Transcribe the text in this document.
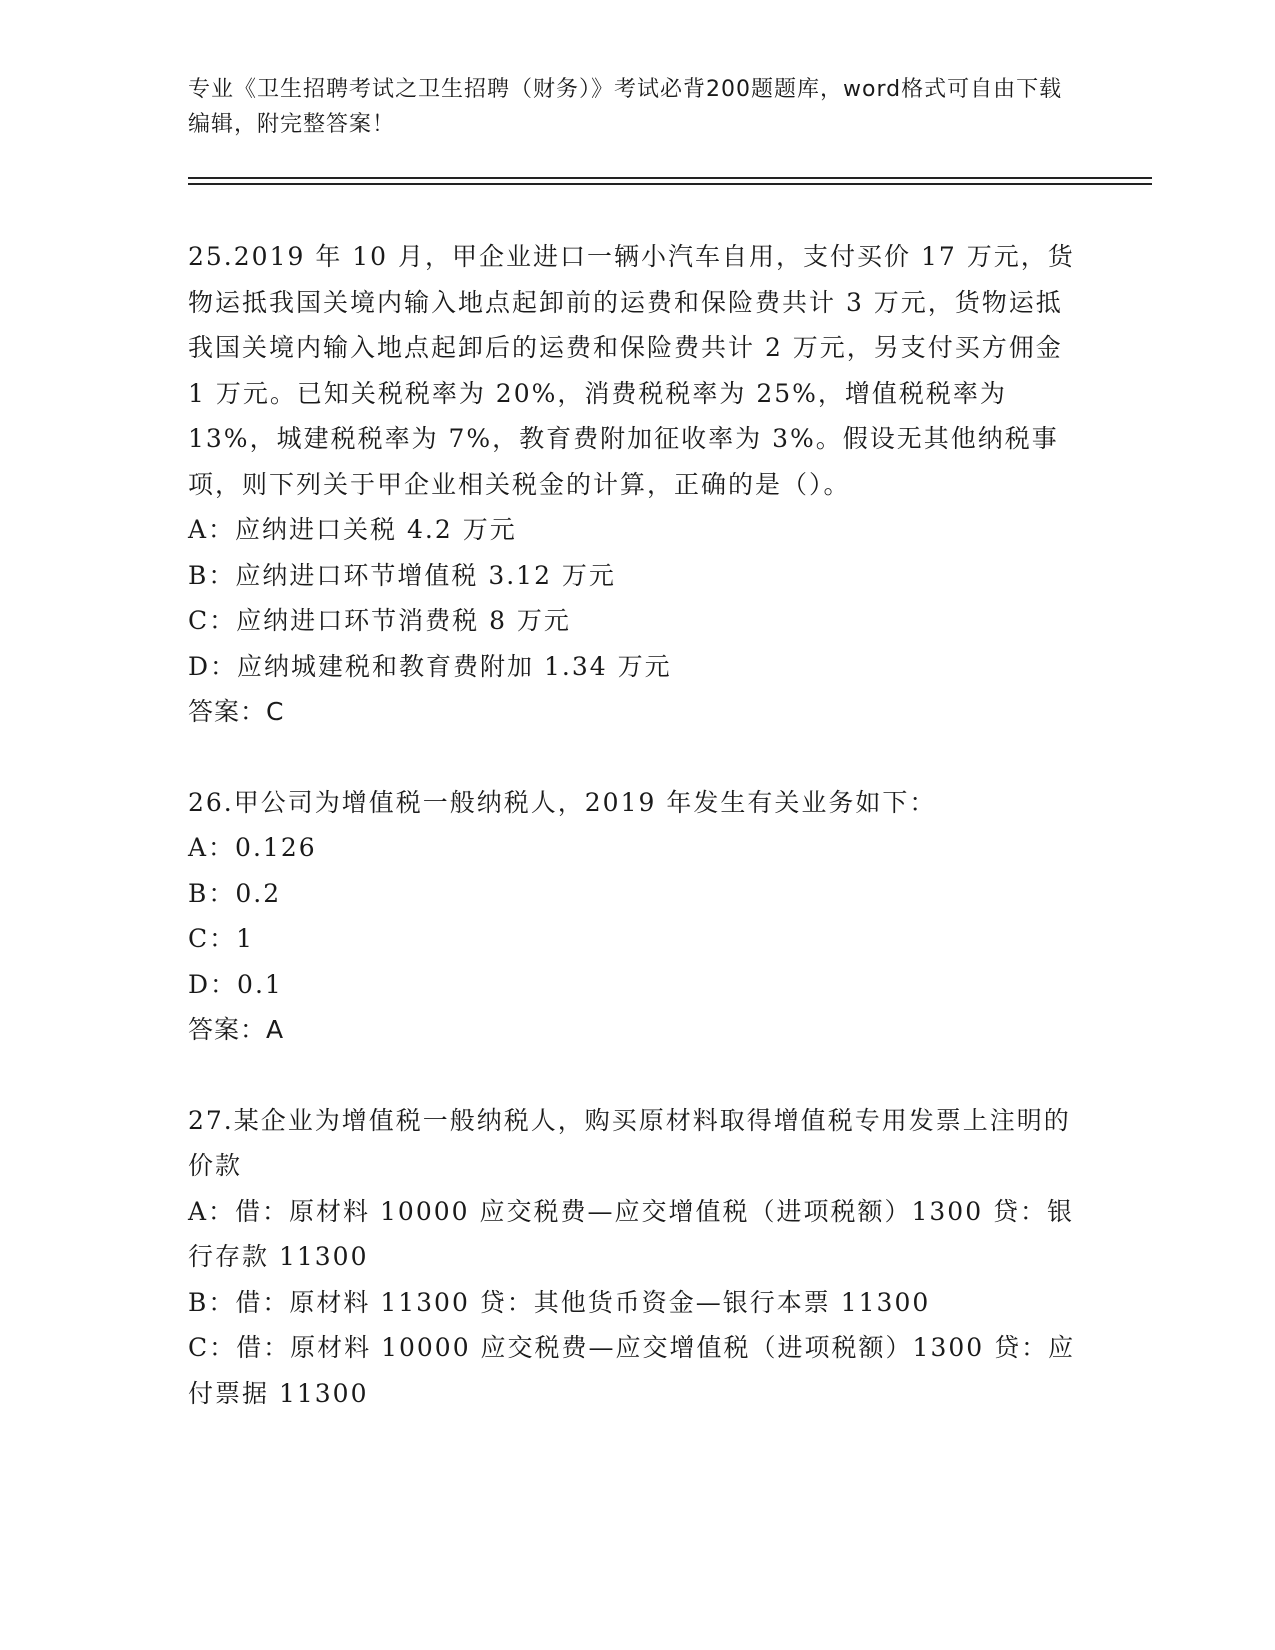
专业《卫生招聘考试之卫生招聘（财务）》考试必背200题题库，word格式可自由下载编辑，附完整答案！
25.2019 年 10 月，甲企业进口一辆小汽车自用，支付买价 17 万元，货物运抵我国关境内输入地点起卸前的运费和保险费共计 3 万元，货物运抵我国关境内输入地点起卸后的运费和保险费共计 2 万元，另支付买方佣金 1 万元。已知关税税率为 20%，消费税税率为 25%，增值税税率为 13%，城建税税率为 7%，教育费附加征收率为 3%。假设无其他纳税事项，则下列关于甲企业相关税金的计算，正确的是（）。
A：应纳进口关税 4.2 万元
B：应纳进口环节增值税 3.12 万元
C：应纳进口环节消费税 8 万元
D：应纳城建税和教育费附加 1.34 万元
答案：C
26.甲公司为增值税一般纳税人，2019 年发生有关业务如下：
A：0.126
B：0.2
C：1
D：0.1
答案：A
27.某企业为增值税一般纳税人，购买原材料取得增值税专用发票上注明的价款
A：借：原材料 10000 应交税费—应交增值税（进项税额）1300 贷：银行存款 11300
B：借：原材料 11300 贷：其他货币资金—银行本票 11300
C：借：原材料 10000 应交税费—应交增值税（进项税额）1300 贷：应付票据 11300
